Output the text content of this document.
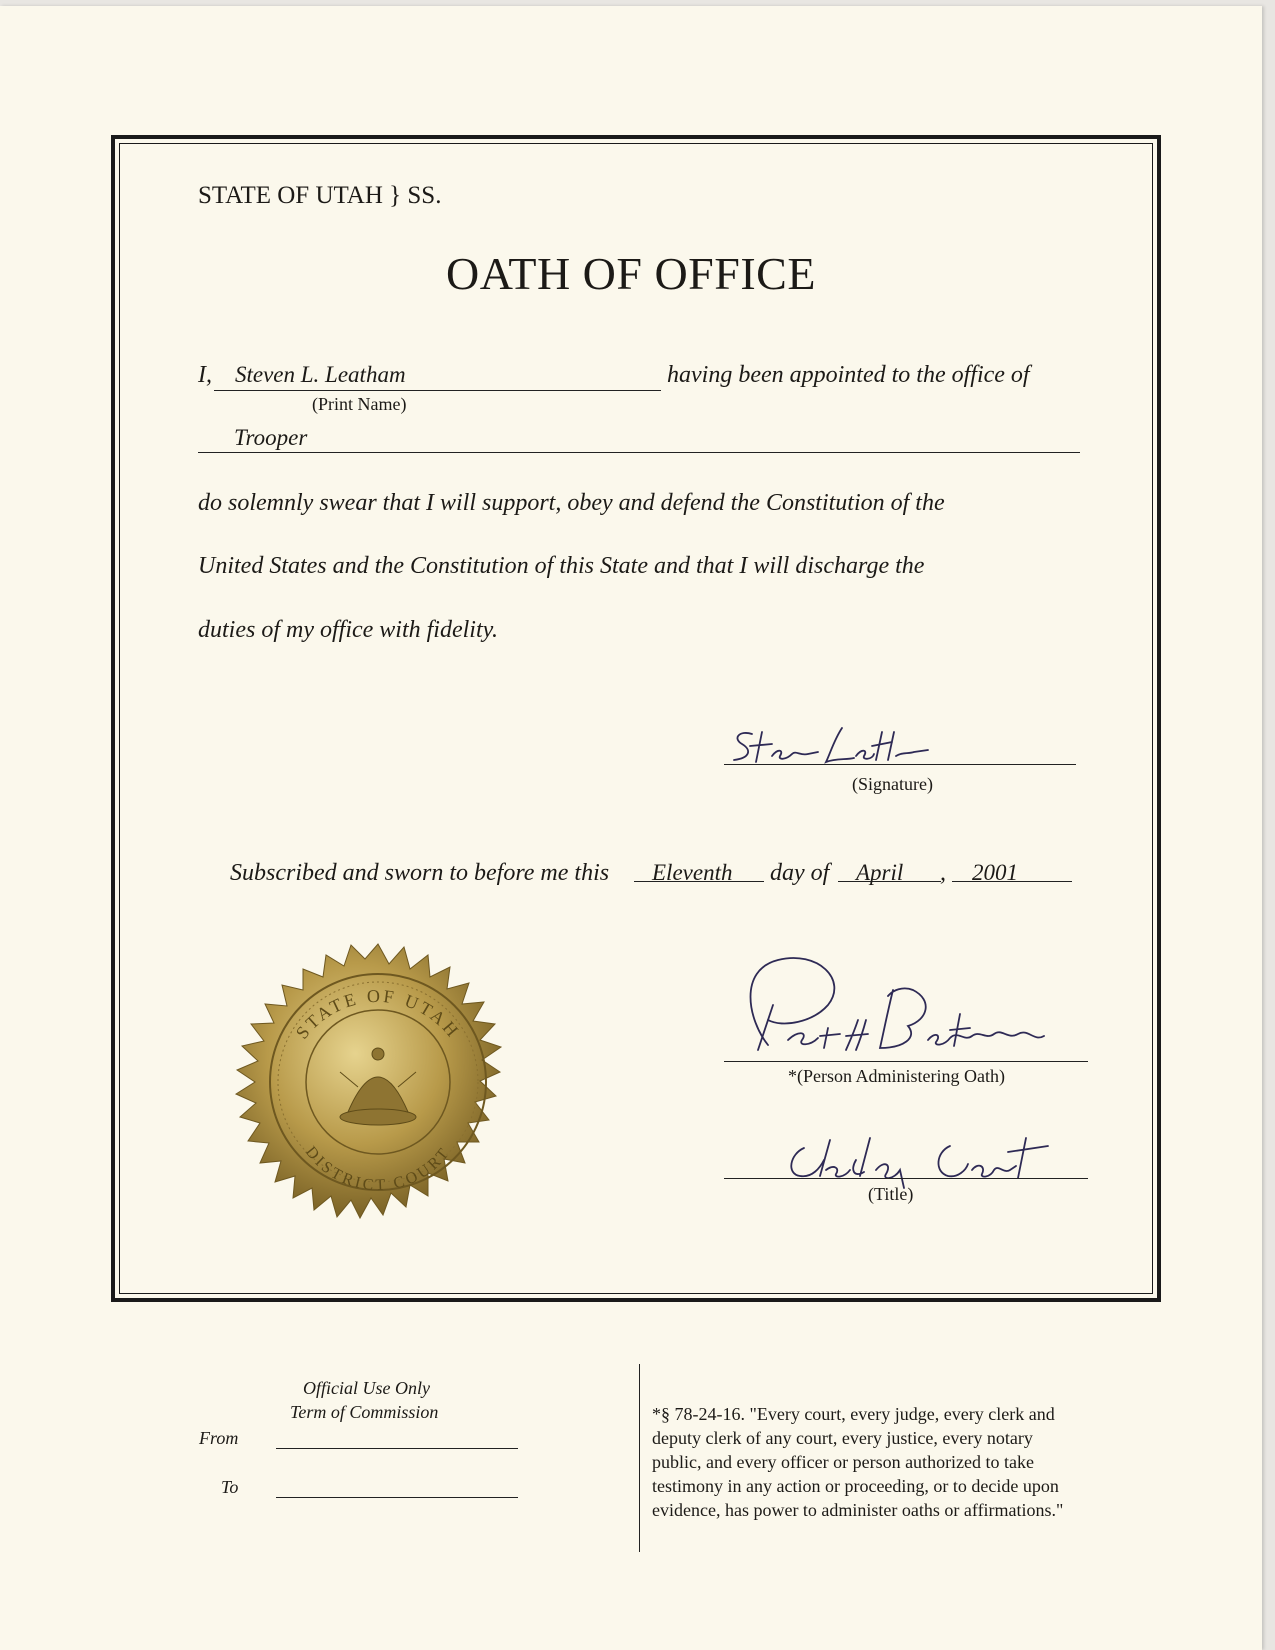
STATE OF UTAH } SS.
OATH OF OFFICE
I, Steven L. Leatham	having been appointed to the office of
(Print Name)
Trooper
do solemnly swear that I will support, obey and defend the Constitution of the
United States and the Constitution of this State and that I will discharge the
duties of my office with fidelity.
(Signature)
Subscribed and sworn to before me this Eleventh day of April , 2001
STATE OF UTAH
DISTRICT COURT
*(Person Administering Oath)
(Title)
Official Use Only
Term of Commission
From
To
*§ 78-24-16. "Every court, every judge, every clerk and
deputy clerk of any court, every justice, every notary
public, and every officer or person authorized to take
testimony in any action or proceeding, or to decide upon
evidence, has power to administer oaths or affirmations."
